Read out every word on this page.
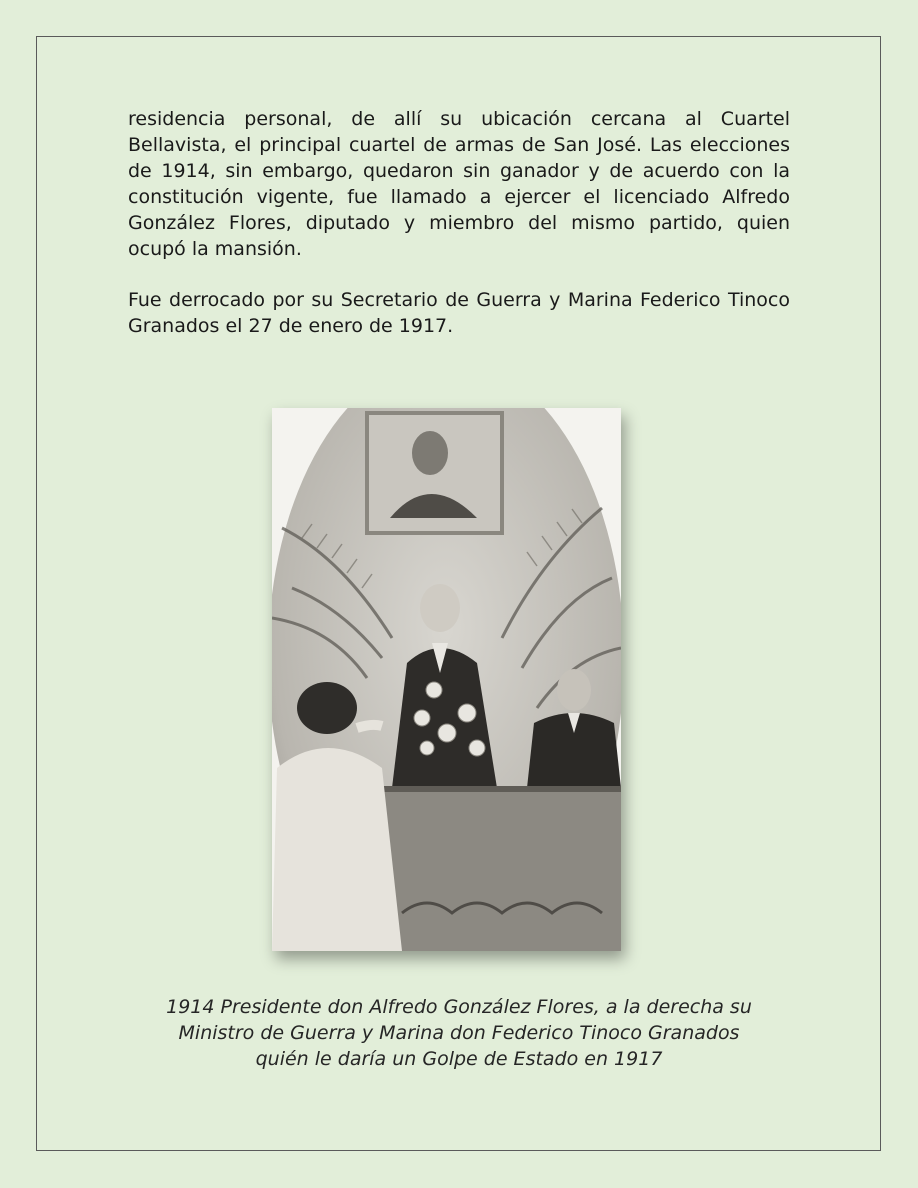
residencia personal, de allí su ubicación cercana al Cuartel Bellavista, el principal cuartel de armas de San José. Las elecciones de 1914, sin embargo, quedaron sin ganador y de acuerdo con la constitución vigente, fue llamado a ejercer el licenciado Alfredo González Flores, diputado y miembro del mismo partido, quien ocupó la mansión.

Fue derrocado por su Secretario de Guerra y Marina Federico Tinoco Granados el 27 de enero de 1917.

1914 Presidente don Alfredo González Flores, a la derecha su
Ministro de Guerra y Marina don Federico Tinoco Granados
quién le daría un Golpe de Estado en 1917
